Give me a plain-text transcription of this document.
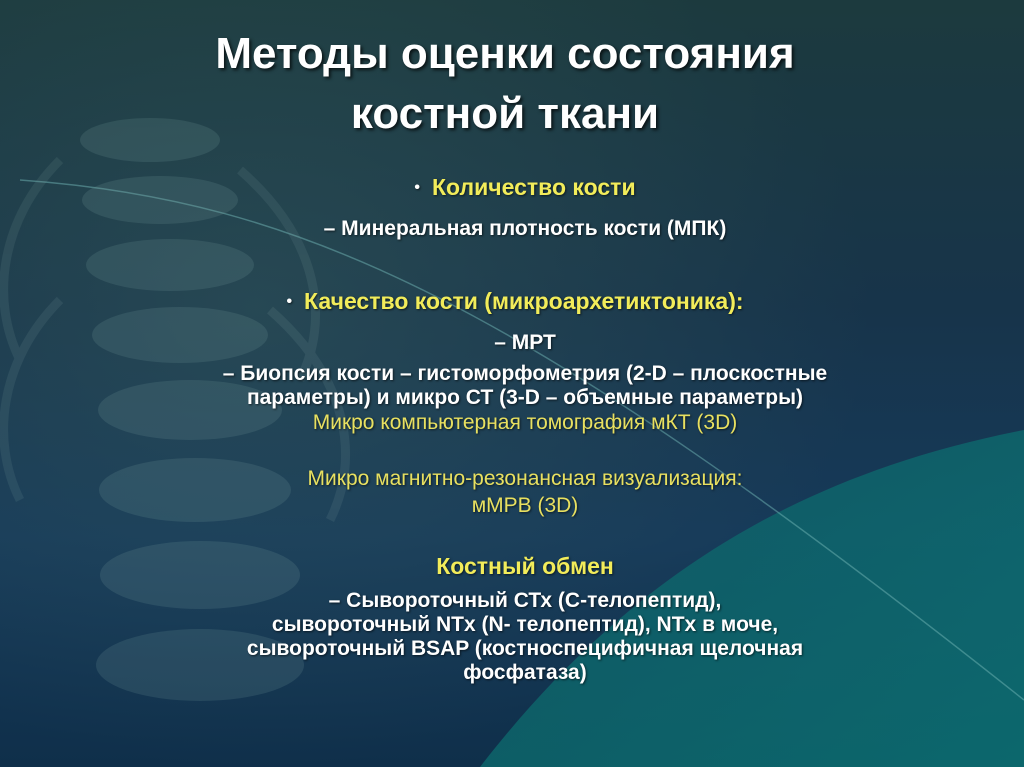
Методы оценки состояния
костной ткани
• Количество кости
– Минеральная плотность кости (МПК)
• Качество кости (микроархетиктоника):
– МРТ
– Биопсия кости – гистоморфометрия (2-D – плоскостные
параметры) и микро СТ (3-D – объемные параметры)
Микро компьютерная томография мКТ (3D)
Микро магнитно-резонансная визуализация:
мМРВ (3D)
Костный обмен
– Сывороточный СТх (С-телопептид),
сывороточный NTx (N- телопептид), NTx в моче,
сывороточный BSAP (костноспецифичная щелочная
фосфатаза)
